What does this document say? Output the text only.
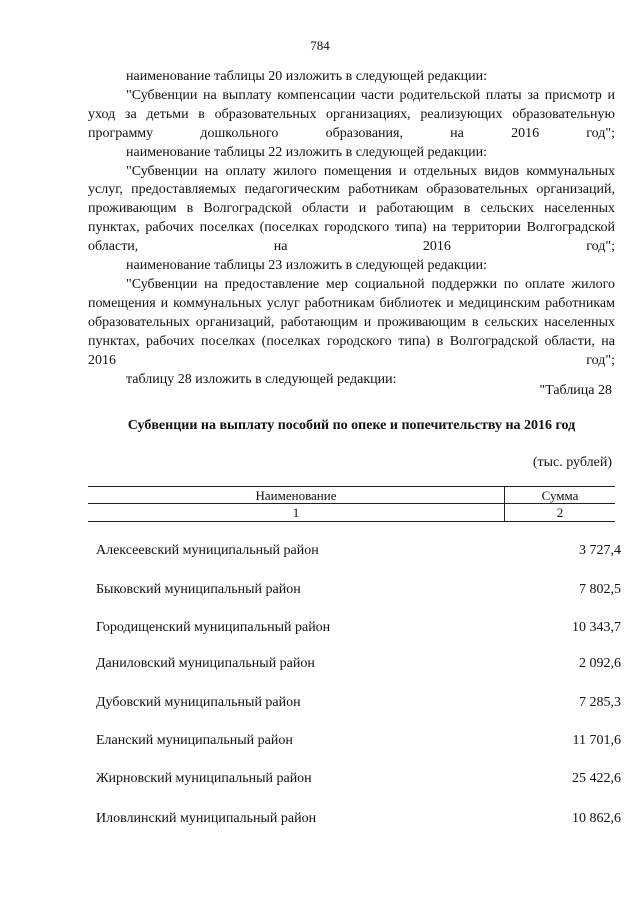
784

наименование таблицы 20 изложить в следующей редакции:

"Субвенции на выплату компенсации части родительской платы за присмотр и уход за детьми в образовательных организациях, реализующих образовательную программу дошкольного образования, на 2016 год";

наименование таблицы 22 изложить в следующей редакции:

"Субвенции на оплату жилого помещения и отдельных видов коммунальных услуг, предоставляемых педагогическим работникам образовательных организаций, проживающим в Волгоградской области и работающим в сельских населенных пунктах, рабочих поселках (поселках городского типа) на территории Волгоградской области, на 2016 год";

наименование таблицы 23 изложить в следующей редакции:

"Субвенции на предоставление мер социальной поддержки по оплате жилого помещения и коммунальных услуг работникам библиотек и медицинским работникам образовательных организаций, работающим и проживающим в сельских населенных пунктах, рабочих поселках (поселках городского типа) в Волгоградской области, на 2016 год";

таблицу 28 изложить в следующей редакции:

"Таблица 28
Субвенции на выплату пособий по опеке и попечительству на 2016 год
(тыс. рублей)
Наименование	Сумма
1	2
Алексеевский муниципальный район	3 727,4
Быковский муниципальный район	7 802,5
Городищенский муниципальный район	10 343,7
Даниловский муниципальный район	2 092,6
Дубовский муниципальный район	7 285,3
Еланский муниципальный район	11 701,6
Жирновский муниципальный район	25 422,6
Иловлинский муниципальный район	10 862,6
